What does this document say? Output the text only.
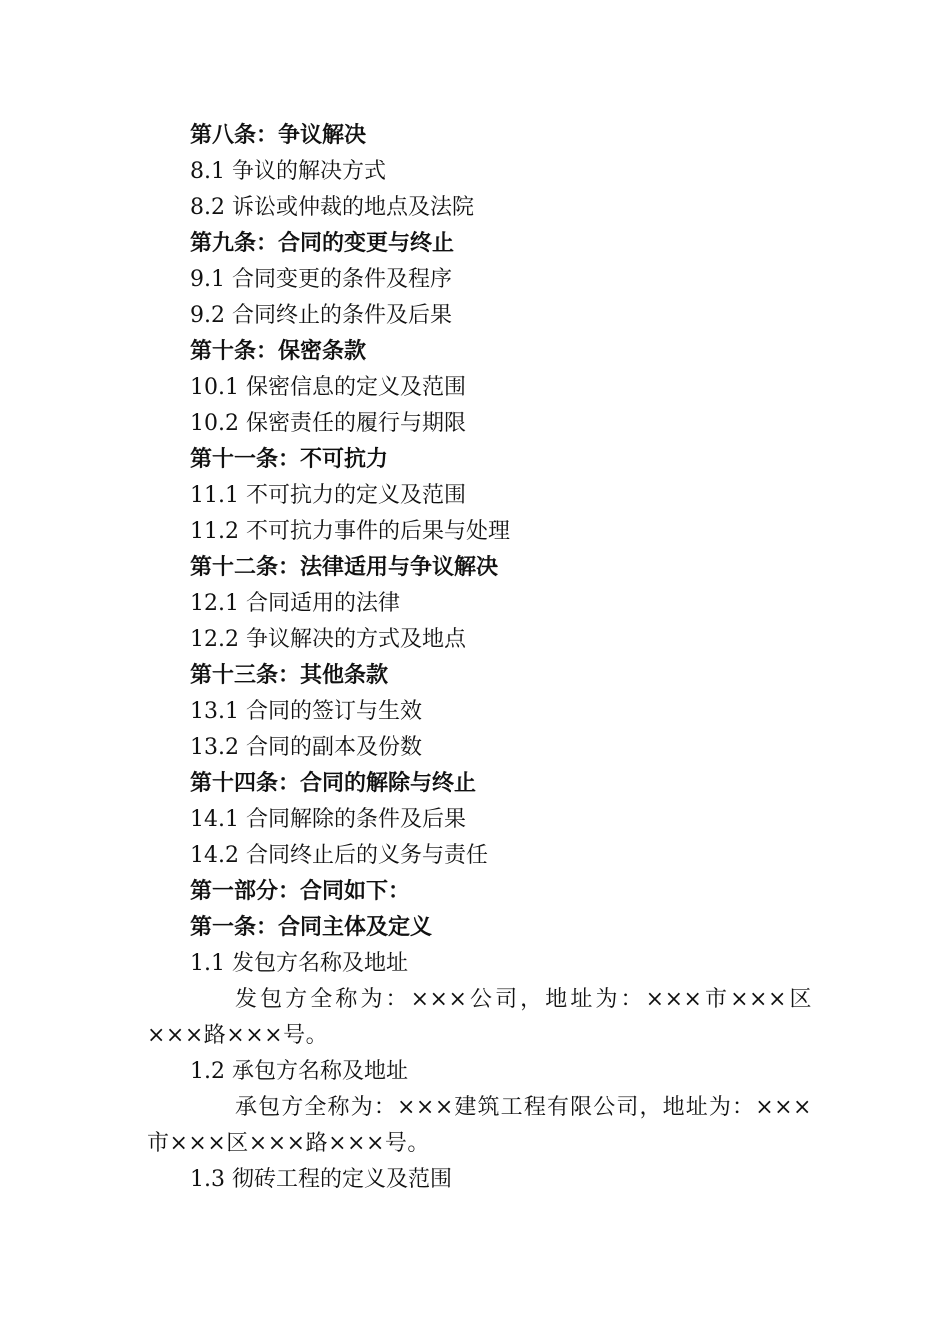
第八条：争议解决
8.1 争议的解决方式
8.2 诉讼或仲裁的地点及法院
第九条：合同的变更与终止
9.1 合同变更的条件及程序
9.2 合同终止的条件及后果
第十条：保密条款
10.1 保密信息的定义及范围
10.2 保密责任的履行与期限
第十一条：不可抗力
11.1 不可抗力的定义及范围
11.2 不可抗力事件的后果与处理
第十二条：法律适用与争议解决
12.1 合同适用的法律
12.2 争议解决的方式及地点
第十三条：其他条款
13.1 合同的签订与生效
13.2 合同的副本及份数
第十四条：合同的解除与终止
14.1 合同解除的条件及后果
14.2 合同终止后的义务与责任
第一部分：合同如下：
第一条：合同主体及定义
1.1 发包方名称及地址
发包方全称为：×××公司，地址为：×××市×××区×××路×××号。
1.2 承包方名称及地址
承包方全称为：×××建筑工程有限公司，地址为：×××市×××区×××路×××号。
1.3 彻砖工程的定义及范围
